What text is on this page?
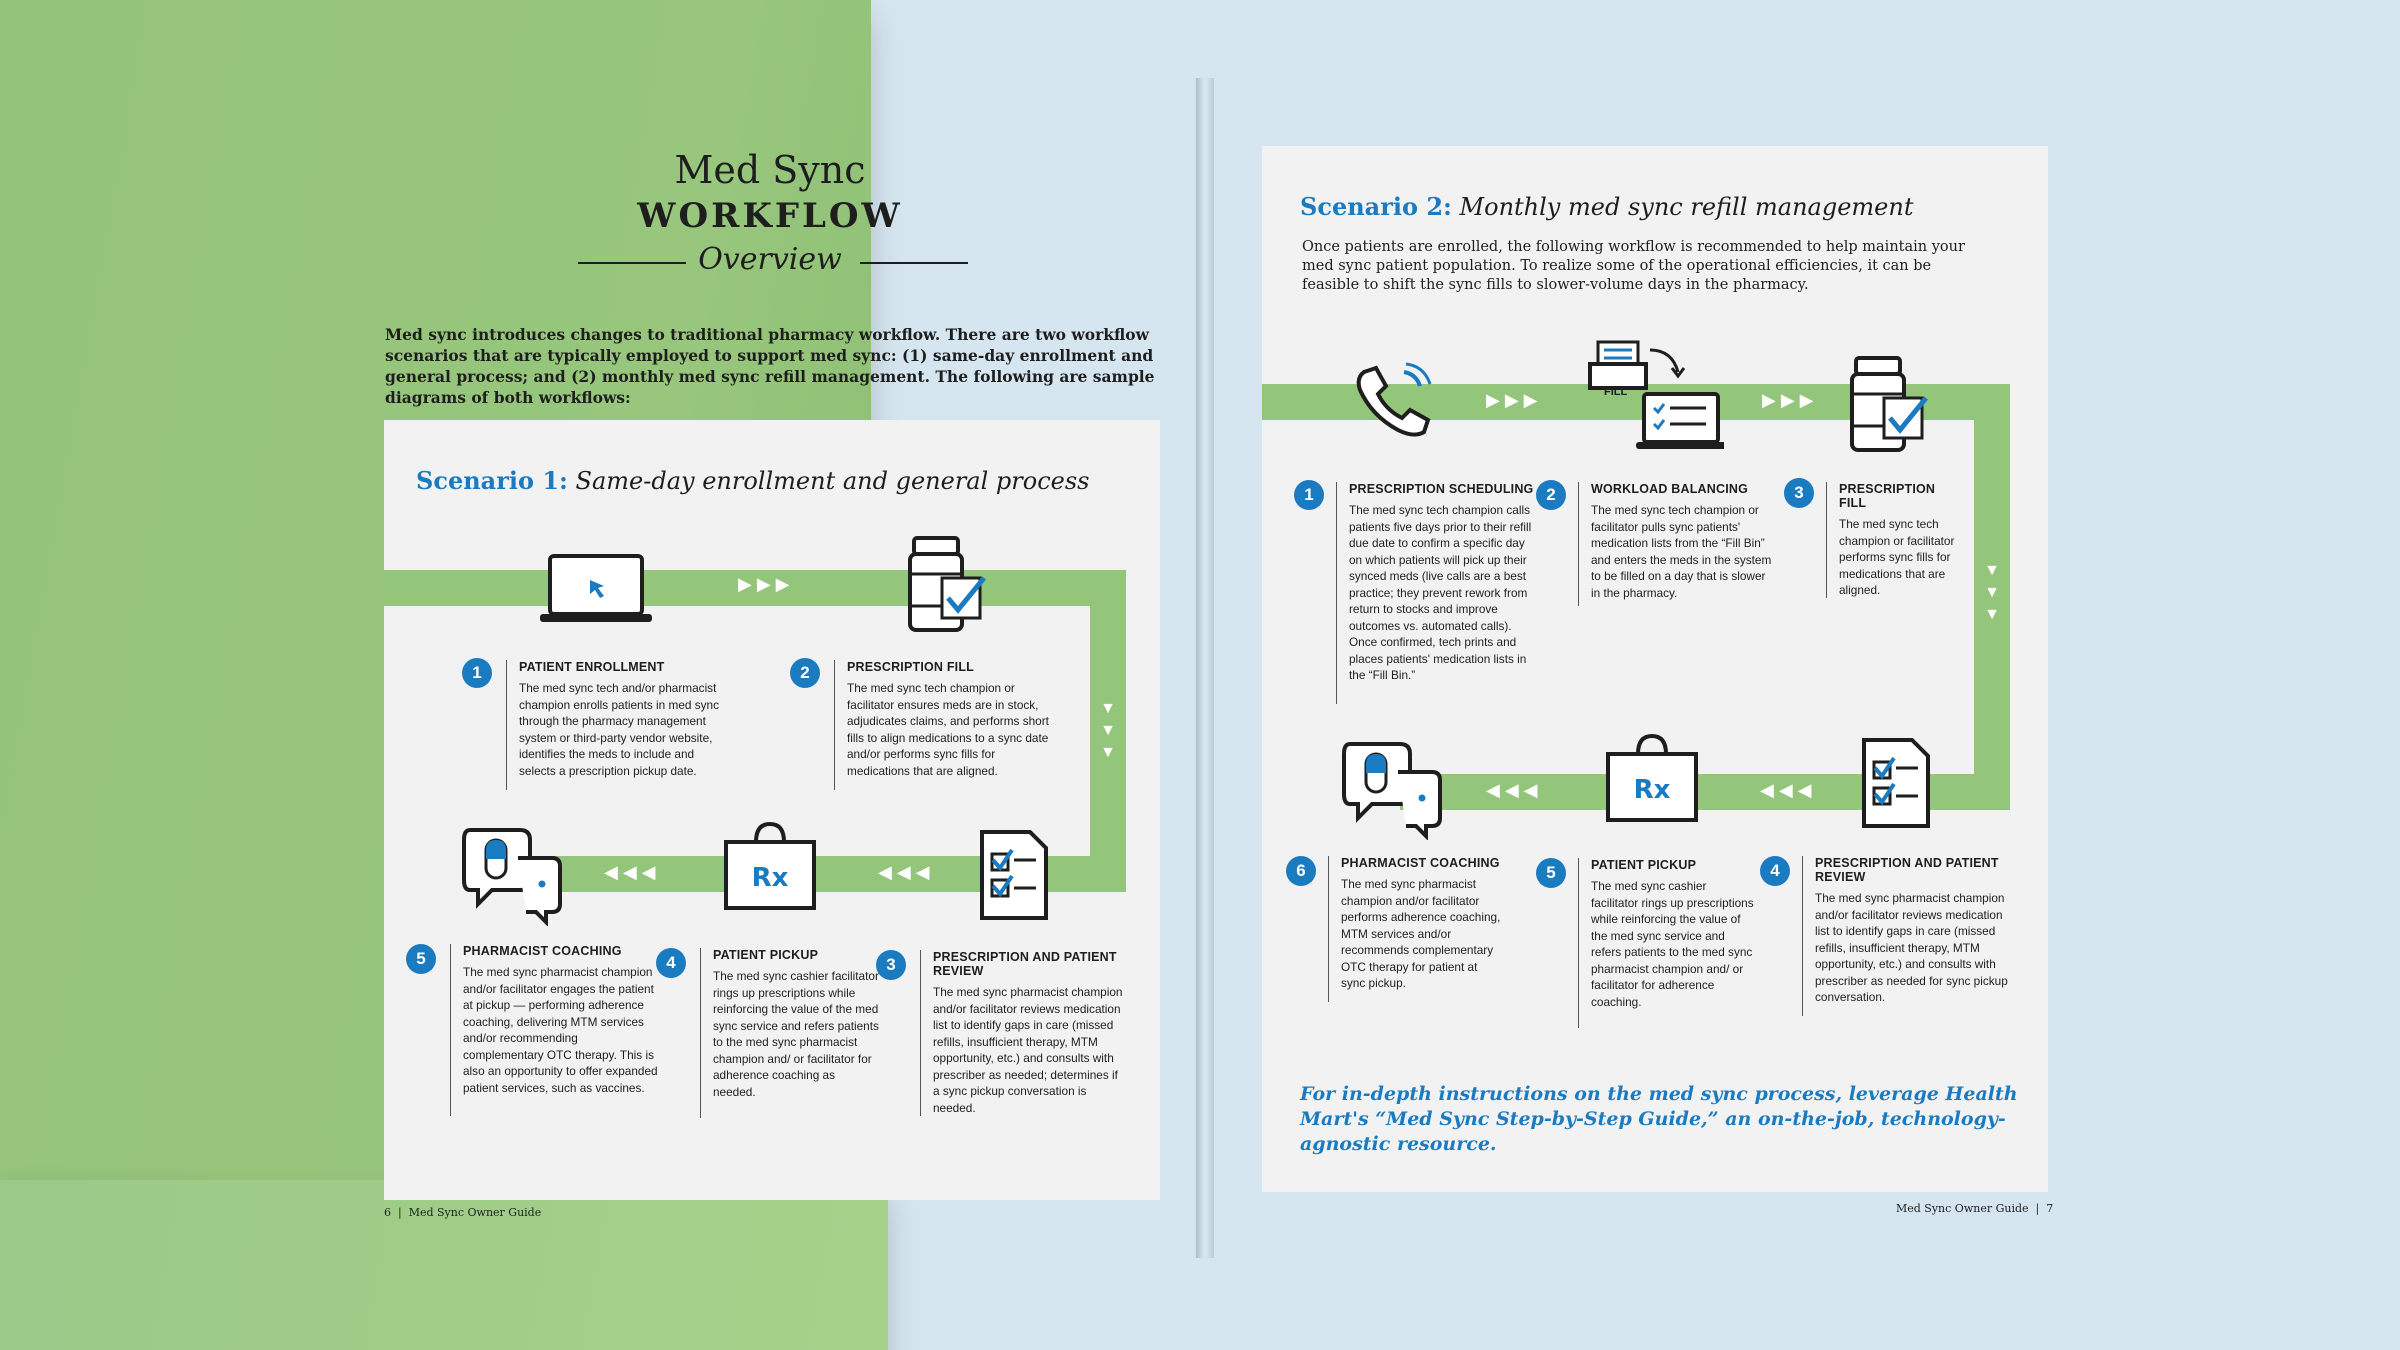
Med Sync
WORKFLOW
Overview
Med sync introduces changes to traditional pharmacy workflow. There are two workflow scenarios that are typically employed to support med sync: (1) same-day enrollment and general process; and (2) monthly med sync refill management. The following are sample diagrams of both workflows:
Scenario 1: Same-day enrollment and general process
▶▶▶
▼
▼
▼
◀◀◀
◀◀◀	Rx
1	2
3
4
5
PATIENT ENROLLMENT
The med sync tech and/or pharmacist champion enrolls patients in med sync through the pharmacy management system or third-party vendor website, identifies the meds to include and selects a prescription pickup date.
PRESCRIPTION FILL
The med sync tech champion or facilitator ensures meds are in stock, adjudicates claims, and performs short fills to align medications to a sync date and/or performs sync fills for medications that are aligned.
PRESCRIPTION AND PATIENT REVIEW
The med sync pharmacist champion and/or facilitator reviews medication list to identify gaps in care (missed refills, insufficient therapy, MTM opportunity, etc.) and consults with prescriber as needed; determines if a sync pickup conversation is needed.
PATIENT PICKUP
The med sync cashier facilitator rings up prescriptions while reinforcing the value of the med sync service and refers patients to the med sync pharmacist champion and/ or facilitator for adherence coaching as needed.
PHARMACIST COACHING
The med sync pharmacist champion and/or facilitator engages the patient at pickup — performing adherence coaching, delivering MTM services and/or recommending complementary OTC therapy. This is also an opportunity to offer expanded patient services, such as vaccines.
6  |  Med Sync Owner Guide
Scenario 2: Monthly med sync refill management
Once patients are enrolled, the following workflow is recommended to help maintain your med sync patient population. To realize some of the operational efficiencies, it can be feasible to shift the sync fills to slower-volume days in the pharmacy.
▶▶▶	▶▶▶
▼
▼
▼
◀◀◀
◀◀◀
FILL
Rx
1	2	3
4
5
6
PRESCRIPTION SCHEDULING
The med sync tech champion calls patients five days prior to their refill due date to confirm a specific day on which patients will pick up their synced meds (live calls are a best practice; they prevent rework from return to stocks and improve outcomes vs. automated calls). Once confirmed, tech prints and places patients' medication lists in the “Fill Bin.”
WORKLOAD BALANCING
The med sync tech champion or facilitator pulls sync patients' medication lists from the “Fill Bin” and enters the meds in the system to be filled on a day that is slower in the pharmacy.
PRESCRIPTION FILL
The med sync tech champion or facilitator performs sync fills for medications that are aligned.
PRESCRIPTION AND PATIENT REVIEW
The med sync pharmacist champion and/or facilitator reviews medication list to identify gaps in care (missed refills, insufficient therapy, MTM opportunity, etc.) and consults with prescriber as needed for sync pickup conversation.
PATIENT PICKUP
The med sync cashier facilitator rings up prescriptions while reinforcing the value of the med sync service and refers patients to the med sync pharmacist champion and/ or facilitator for adherence coaching.
PHARMACIST COACHING
The med sync pharmacist champion and/or facilitator performs adherence coaching, MTM services and/or recommends complementary OTC therapy for patient at sync pickup.
For in-depth instructions on the med sync process, leverage Health Mart's “Med Sync Step-by-Step Guide,” an on-the-job, technology-agnostic resource.
Med Sync Owner Guide  |  7
